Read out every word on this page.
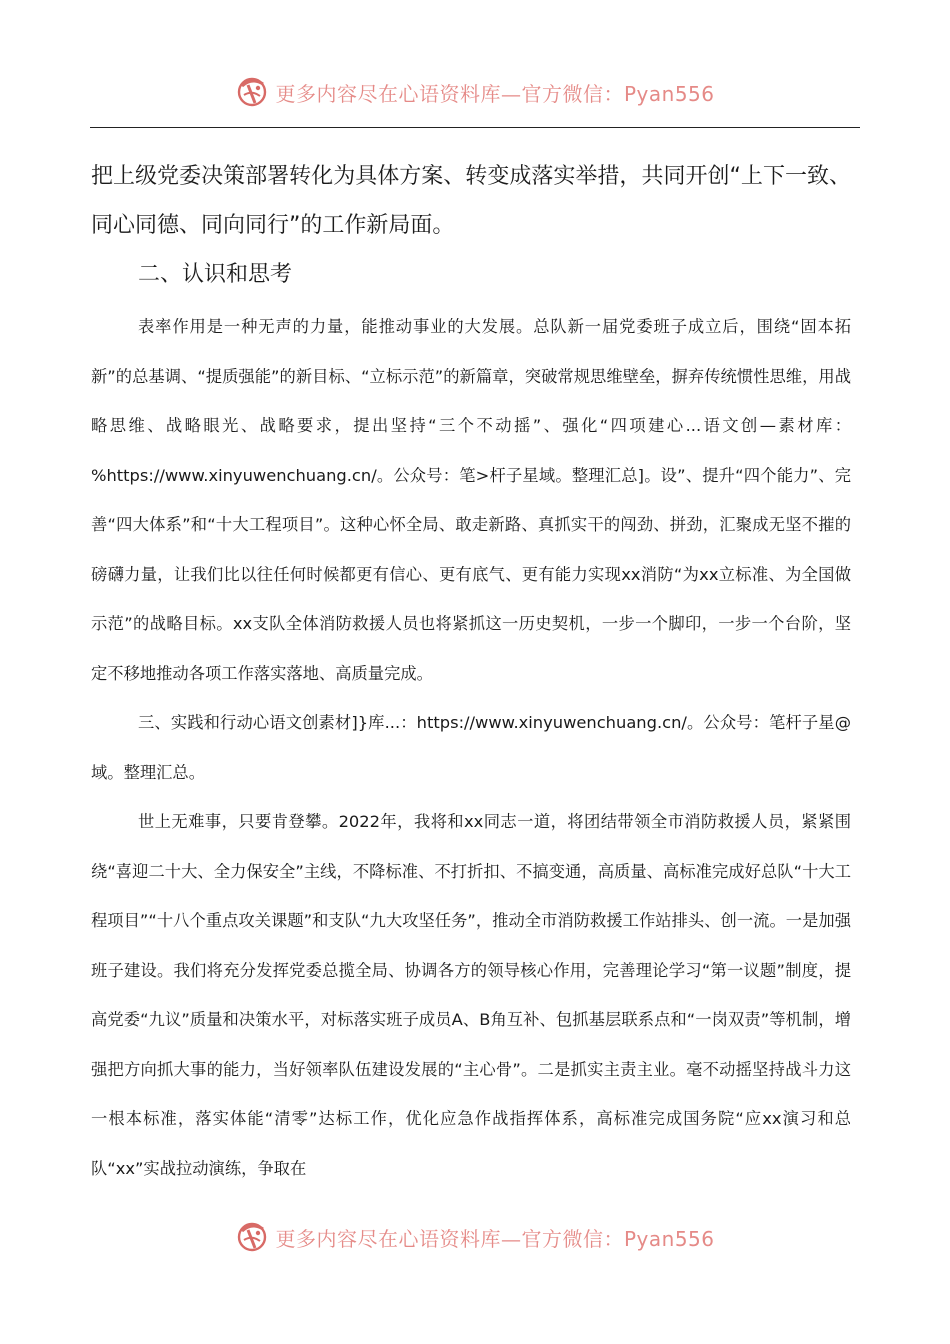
更多内容尽在心语资料库—官方微信：Pyan556

把上级党委决策部署转化为具体方案、转变成落实举措，共同开创“上下一致、同心同德、同向同行”的工作新局面。

二、认识和思考

表率作用是一种无声的力量，能推动事业的大发展。总队新一届党委班子成立后，围绕“固本拓新”的总基调、“提质强能”的新目标、“立标示范”的新篇章，突破常规思维壁垒，摒弃传统惯性思维，用战略思维、战略眼光、战略要求，提出坚持“三个不动摇”、强化“四项建心...语文创—素材库：%https://www.xinyuwenchuang.cn/。公众号：笔>杆子星域。整理汇总]。设”、提升“四个能力”、完善“四大体系”和“十大工程项目”。这种心怀全局、敢走新路、真抓实干的闯劲、拼劲，汇聚成无坚不摧的磅礴力量，让我们比以往任何时候都更有信心、更有底气、更有能力实现xx消防“为xx立标准、为全国做示范”的战略目标。xx支队全体消防救援人员也将紧抓这一历史契机，一步一个脚印，一步一个台阶，坚定不移地推动各项工作落实落地、高质量完成。

三、实践和行动心语文创素材]}库...：https://www.xinyuwenchuang.cn/。公众号：笔杆子星@域。整理汇总。

世上无难事，只要肯登攀。2022年，我将和xx同志一道，将团结带领全市消防救援人员，紧紧围绕“喜迎二十大、全力保安全”主线，不降标准、不打折扣、不搞变通，高质量、高标准完成好总队“十大工程项目”“十八个重点攻关课题”和支队“九大攻坚任务”，推动全市消防救援工作站排头、创一流。一是加强班子建设。我们将充分发挥党委总揽全局、协调各方的领导核心作用，完善理论学习“第一议题”制度，提高党委“九议”质量和决策水平，对标落实班子成员A、B角互补、包抓基层联系点和“一岗双责”等机制，增强把方向抓大事的能力，当好领率队伍建设发展的“主心骨”。二是抓实主责主业。毫不动摇坚持战斗力这一根本标准，落实体能“清零”达标工作，优化应急作战指挥体系，高标准完成国务院“应xx演习和总队“xx”实战拉动演练，争取在

更多内容尽在心语资料库—官方微信：Pyan556
